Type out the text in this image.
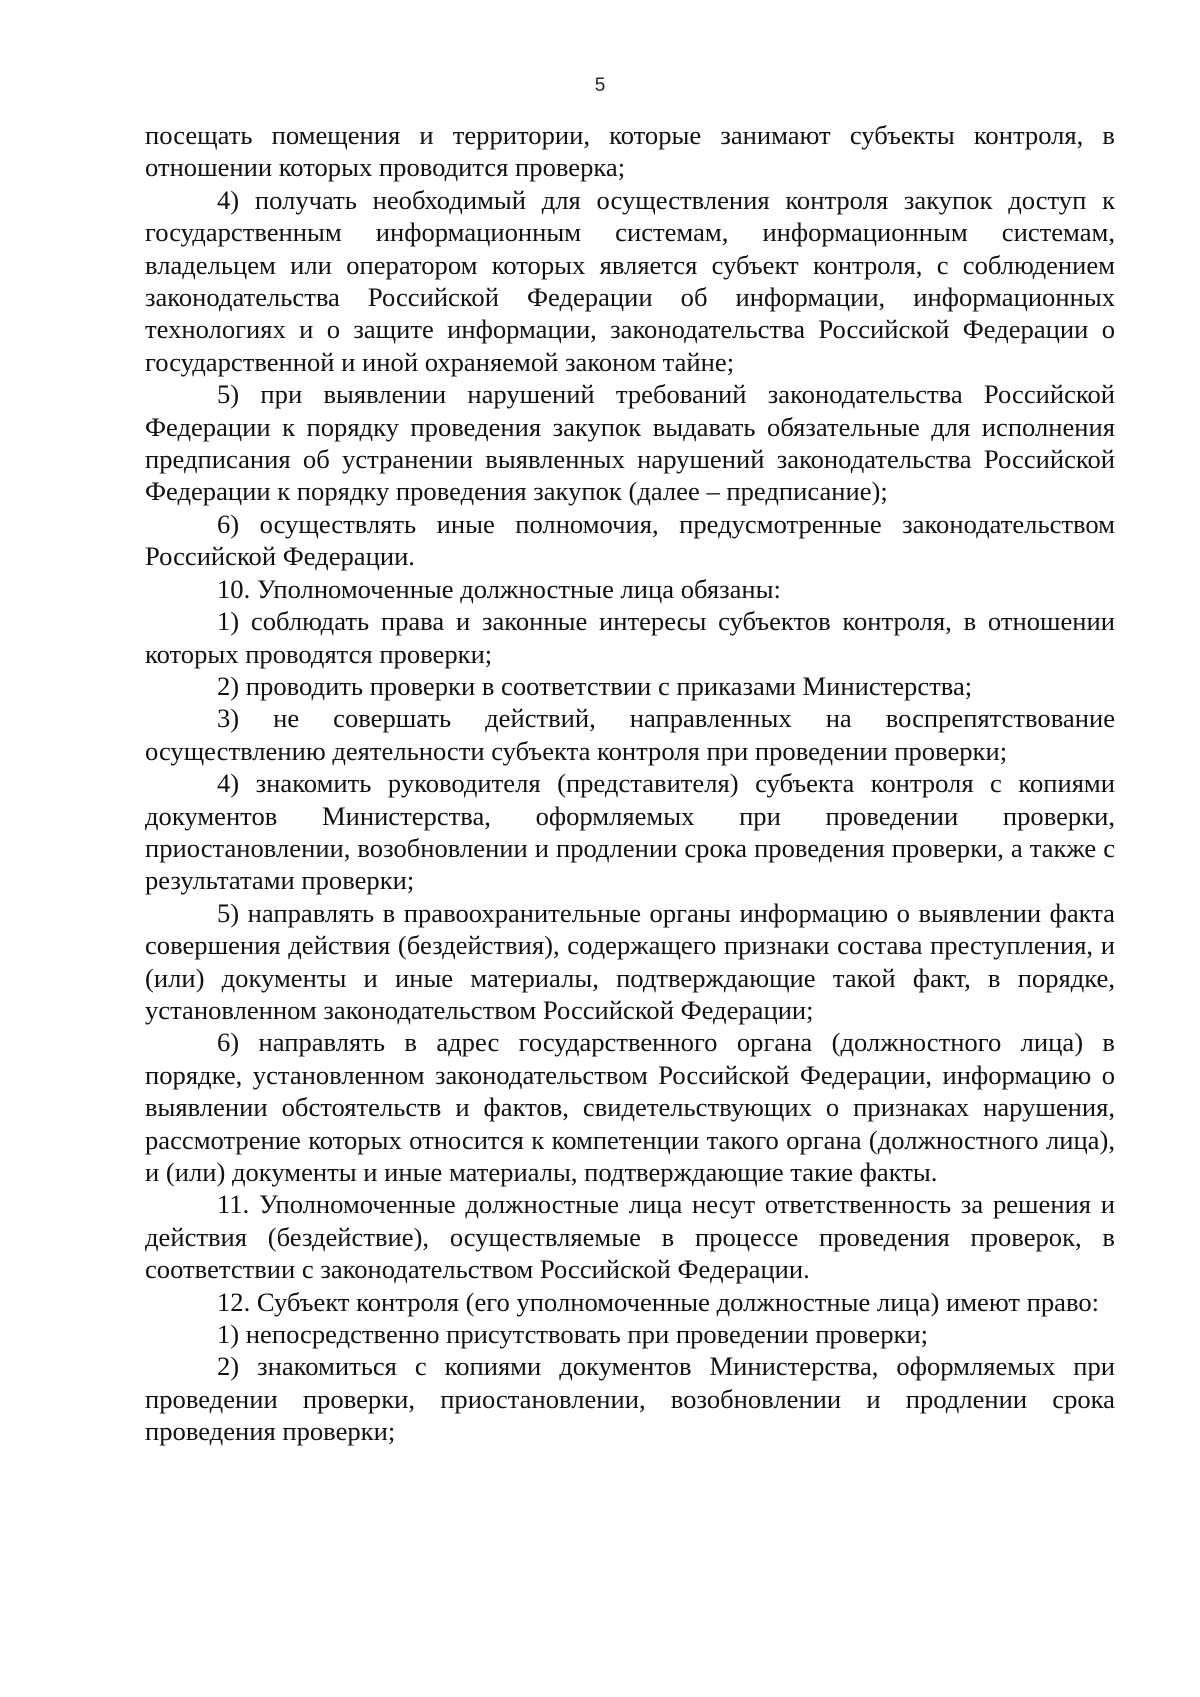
5

посещать помещения и территории, которые занимают субъекты контроля, в отношении которых проводится проверка;

4) получать необходимый для осуществления контроля закупок доступ к государственным информационным системам, информационным системам, владельцем или оператором которых является субъект контроля, с соблюдением законодательства Российской Федерации об информации, информационных технологиях и о защите информации, законодательства Российской Федерации о государственной и иной охраняемой законом тайне;

5) при выявлении нарушений требований законодательства Российской Федерации к порядку проведения закупок выдавать обязательные для исполнения предписания об устранении выявленных нарушений законодательства Российской Федерации к порядку проведения закупок (далее – предписание);

6) осуществлять иные полномочия, предусмотренные законодательством Российской Федерации.

10. Уполномоченные должностные лица обязаны:

1) соблюдать права и законные интересы субъектов контроля, в отношении которых проводятся проверки;

2) проводить проверки в соответствии с приказами Министерства;

3) не совершать действий, направленных на воспрепятствование осуществлению деятельности субъекта контроля при проведении проверки;

4) знакомить руководителя (представителя) субъекта контроля с копиями документов Министерства, оформляемых при проведении проверки, приостановлении, возобновлении и продлении срока проведения проверки, а также с результатами проверки;

5) направлять в правоохранительные органы информацию о выявлении факта совершения действия (бездействия), содержащего признаки состава преступления, и (или) документы и иные материалы, подтверждающие такой факт, в порядке, установленном законодательством Российской Федерации;

6) направлять в адрес государственного органа (должностного лица) в порядке, установленном законодательством Российской Федерации, информацию о выявлении обстоятельств и фактов, свидетельствующих о признаках нарушения, рассмотрение которых относится к компетенции такого органа (должностного лица), и (или) документы и иные материалы, подтверждающие такие факты.

11. Уполномоченные должностные лица несут ответственность за решения и действия (бездействие), осуществляемые в процессе проведения проверок, в соответствии с законодательством Российской Федерации.

12. Субъект контроля (его уполномоченные должностные лица) имеют право:

1) непосредственно присутствовать при проведении проверки;

2) знакомиться с копиями документов Министерства, оформляемых при проведении проверки, приостановлении, возобновлении и продлении срока проведения проверки;
